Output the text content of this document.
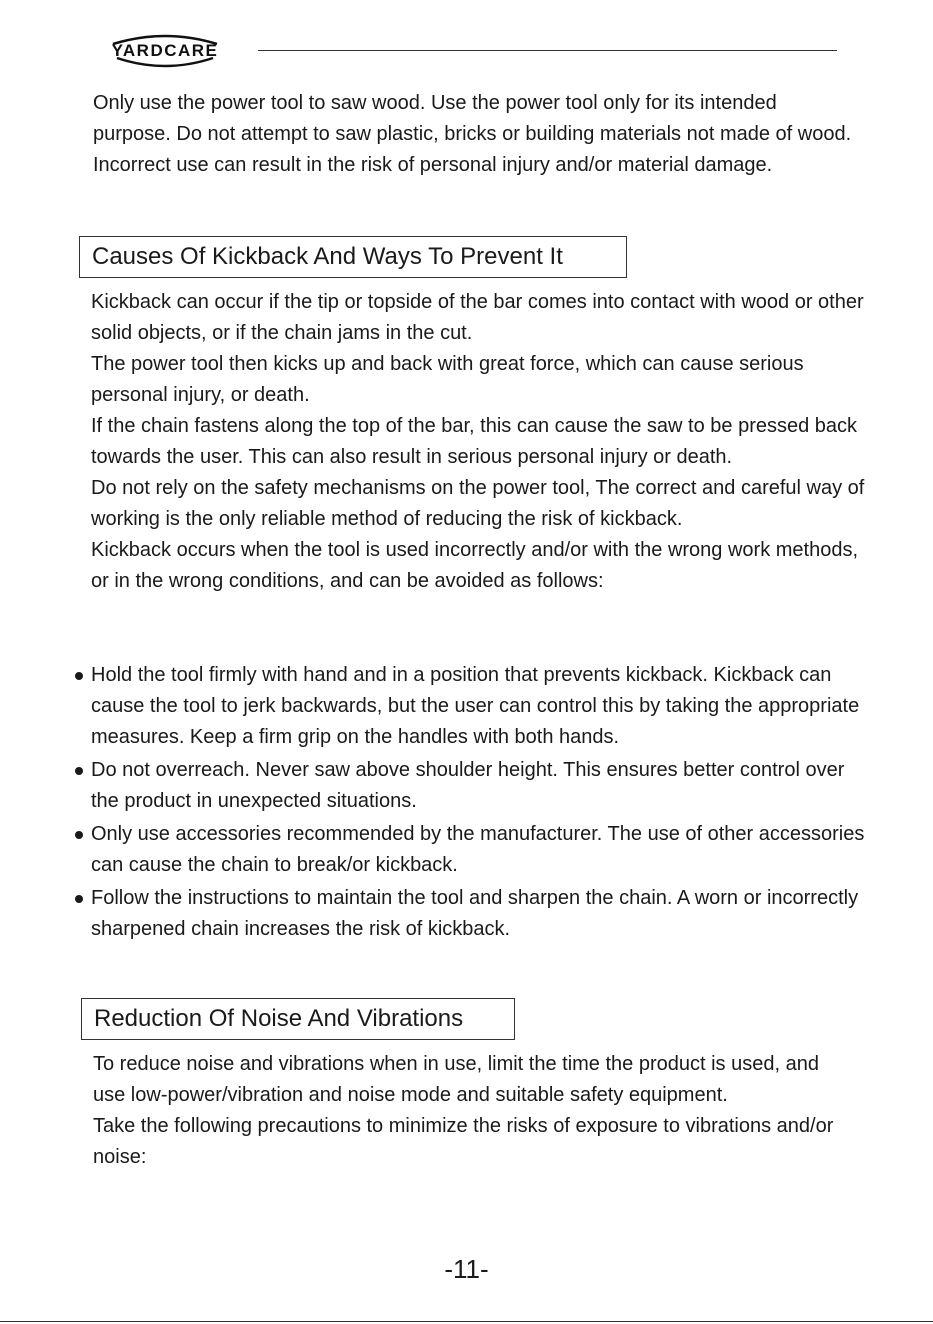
YARDCARE

Only use the power tool to saw wood. Use the power tool only for its intended purpose. Do not attempt to saw plastic, bricks or building materials not made of wood. Incorrect use can result in the risk of personal injury and/or material damage.

Causes Of Kickback And Ways To Prevent It

Kickback can occur if the tip or topside of the bar comes into contact with wood or other solid objects, or if the chain jams in the cut.

The power tool then kicks up and back with great force, which can cause serious personal injury, or death.

If the chain fastens along the top of the bar, this can cause the saw to be pressed back towards the user. This can also result in serious personal injury or death.

Do not rely on the safety mechanisms on the power tool, The correct and careful way of working is the only reliable method of reducing the risk of kickback.

Kickback occurs when the tool is used incorrectly and/or with the wrong work methods, or in the wrong conditions, and can be avoided as follows:

Hold the tool firmly with hand and in a position that prevents kickback. Kickback can cause the tool to jerk backwards, but the user can control this by taking the appropriate measures. Keep a firm grip on the handles with both hands.
Do not overreach. Never saw above shoulder height. This ensures better control over the product in unexpected situations.
Only use accessories recommended by the manufacturer. The use of other accessories can cause the chain to break/or kickback.
Follow the instructions to maintain the tool and sharpen the chain. A worn or incorrectly sharpened chain increases the risk of kickback.
Reduction Of Noise And Vibrations

To reduce noise and vibrations when in use, limit the time the product is used, and use low-power/vibration and noise mode and suitable safety equipment.

Take the following precautions to minimize the risks of exposure to vibrations and/or noise:

-11-
